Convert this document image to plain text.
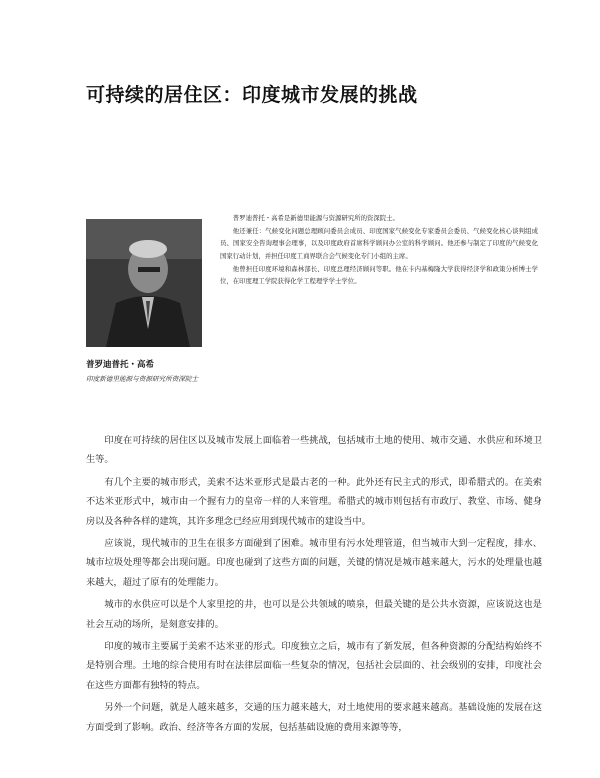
可持续的居住区：印度城市发展的挑战

普罗迪普托・高希是新德里能源与资源研究所的资深院士。

他还兼任：气候变化问题总理顾问委员会成员、印度国家气候变化专家委员会委员、气候变化核心谈判组成员、国家安全咨询理事会理事，以及印度政府首席科学顾问办公室的科学顾问。他还参与制定了印度的气候变化国家行动计划，并担任印度工商界联合会气候变化专门小组的主席。

他曾担任印度环境和森林部长、印度总理经济顾问等职。他在卡内基梅隆大学获得经济学和政策分析博士学位，在印度理工学院获得化学工程理学学士学位。

普罗迪普托・高希
印度新德里能源与资源研究所资深院士

印度在可持续的居住区以及城市发展上面临着一些挑战，包括城市土地的使用、城市交通、水供应和环境卫生等。

有几个主要的城市形式，美索不达米亚形式是最古老的一种。此外还有民主式的形式，即希腊式的。在美索不达米亚形式中，城市由一个握有力的皇帝一样的人来管理。希腊式的城市则包括有市政厅、教堂、市场、健身房以及各种各样的建筑，其许多理念已经应用到现代城市的建设当中。

应该说，现代城市的卫生在很多方面碰到了困难。城市里有污水处理管道，但当城市大到一定程度，排水、城市垃圾处理等都会出现问题。印度也碰到了这些方面的问题，关键的情况是城市越来越大，污水的处理量也越来越大，超过了原有的处理能力。

城市的水供应可以是个人家里挖的井，也可以是公共领域的喷泉，但最关键的是公共水资源，应该说这也是社会互动的场所，是刻意安排的。

印度的城市主要属于美索不达米亚的形式。印度独立之后，城市有了新发展，但各种资源的分配结构始终不是特别合理。土地的综合使用有时在法律层面临一些复杂的情况，包括社会层面的、社会级别的安排，印度社会在这些方面都有独特的特点。

另外一个问题，就是人越来越多，交通的压力越来越大，对土地使用的要求越来越高。基础设施的发展在这方面受到了影响。政治、经济等各方面的发展，包括基础设施的费用来源等等，
